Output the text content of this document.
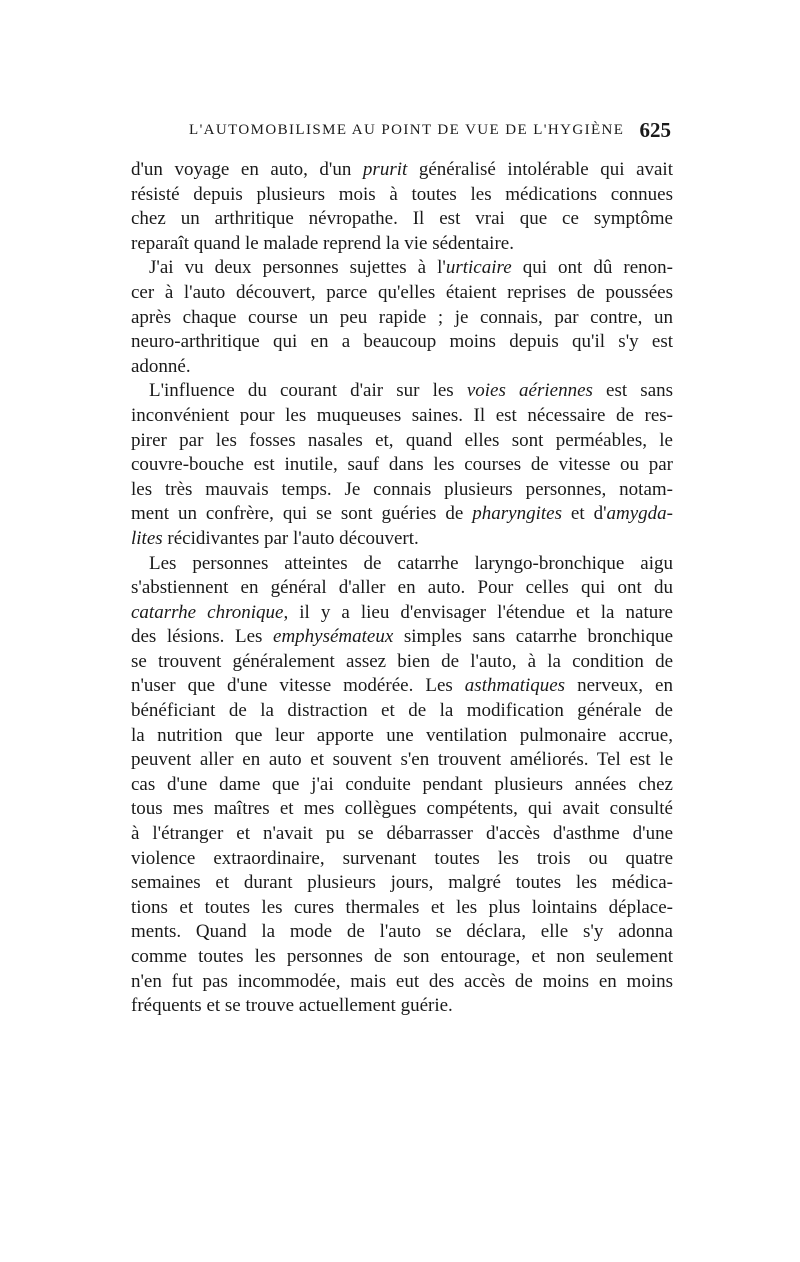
L'AUTOMOBILISME AU POINT DE VUE DE L'HYGIÈNE 625
d'un voyage en auto, d'un prurit généralisé intolérable qui avait
résisté depuis plusieurs mois à toutes les médications connues
chez un arthritique névropathe. Il est vrai que ce symptôme
reparaît quand le malade reprend la vie sédentaire.
J'ai vu deux personnes sujettes à l'urticaire qui ont dû renon-
cer à l'auto découvert, parce qu'elles étaient reprises de poussées
après chaque course un peu rapide ; je connais, par contre, un
neuro-arthritique qui en a beaucoup moins depuis qu'il s'y est
adonné.
L'influence du courant d'air sur les voies aériennes est sans
inconvénient pour les muqueuses saines. Il est nécessaire de res-
pirer par les fosses nasales et, quand elles sont perméables, le
couvre-bouche est inutile, sauf dans les courses de vitesse ou par
les très mauvais temps. Je connais plusieurs personnes, notam-
ment un confrère, qui se sont guéries de pharyngites et d'amygda-
lites récidivantes par l'auto découvert.
Les personnes atteintes de catarrhe laryngo-bronchique aigu
s'abstiennent en général d'aller en auto. Pour celles qui ont du
catarrhe chronique, il y a lieu d'envisager l'étendue et la nature
des lésions. Les emphysémateux simples sans catarrhe bronchique
se trouvent généralement assez bien de l'auto, à la condition de
n'user que d'une vitesse modérée. Les asthmatiques nerveux, en
bénéficiant de la distraction et de la modification générale de
la nutrition que leur apporte une ventilation pulmonaire accrue,
peuvent aller en auto et souvent s'en trouvent améliorés. Tel est le
cas d'une dame que j'ai conduite pendant plusieurs années chez
tous mes maîtres et mes collègues compétents, qui avait consulté
à l'étranger et n'avait pu se débarrasser d'accès d'asthme d'une
violence extraordinaire, survenant toutes les trois ou quatre
semaines et durant plusieurs jours, malgré toutes les médica-
tions et toutes les cures thermales et les plus lointains déplace-
ments. Quand la mode de l'auto se déclara, elle s'y adonna
comme toutes les personnes de son entourage, et non seulement
n'en fut pas incommodée, mais eut des accès de moins en moins
fréquents et se trouve actuellement guérie.
